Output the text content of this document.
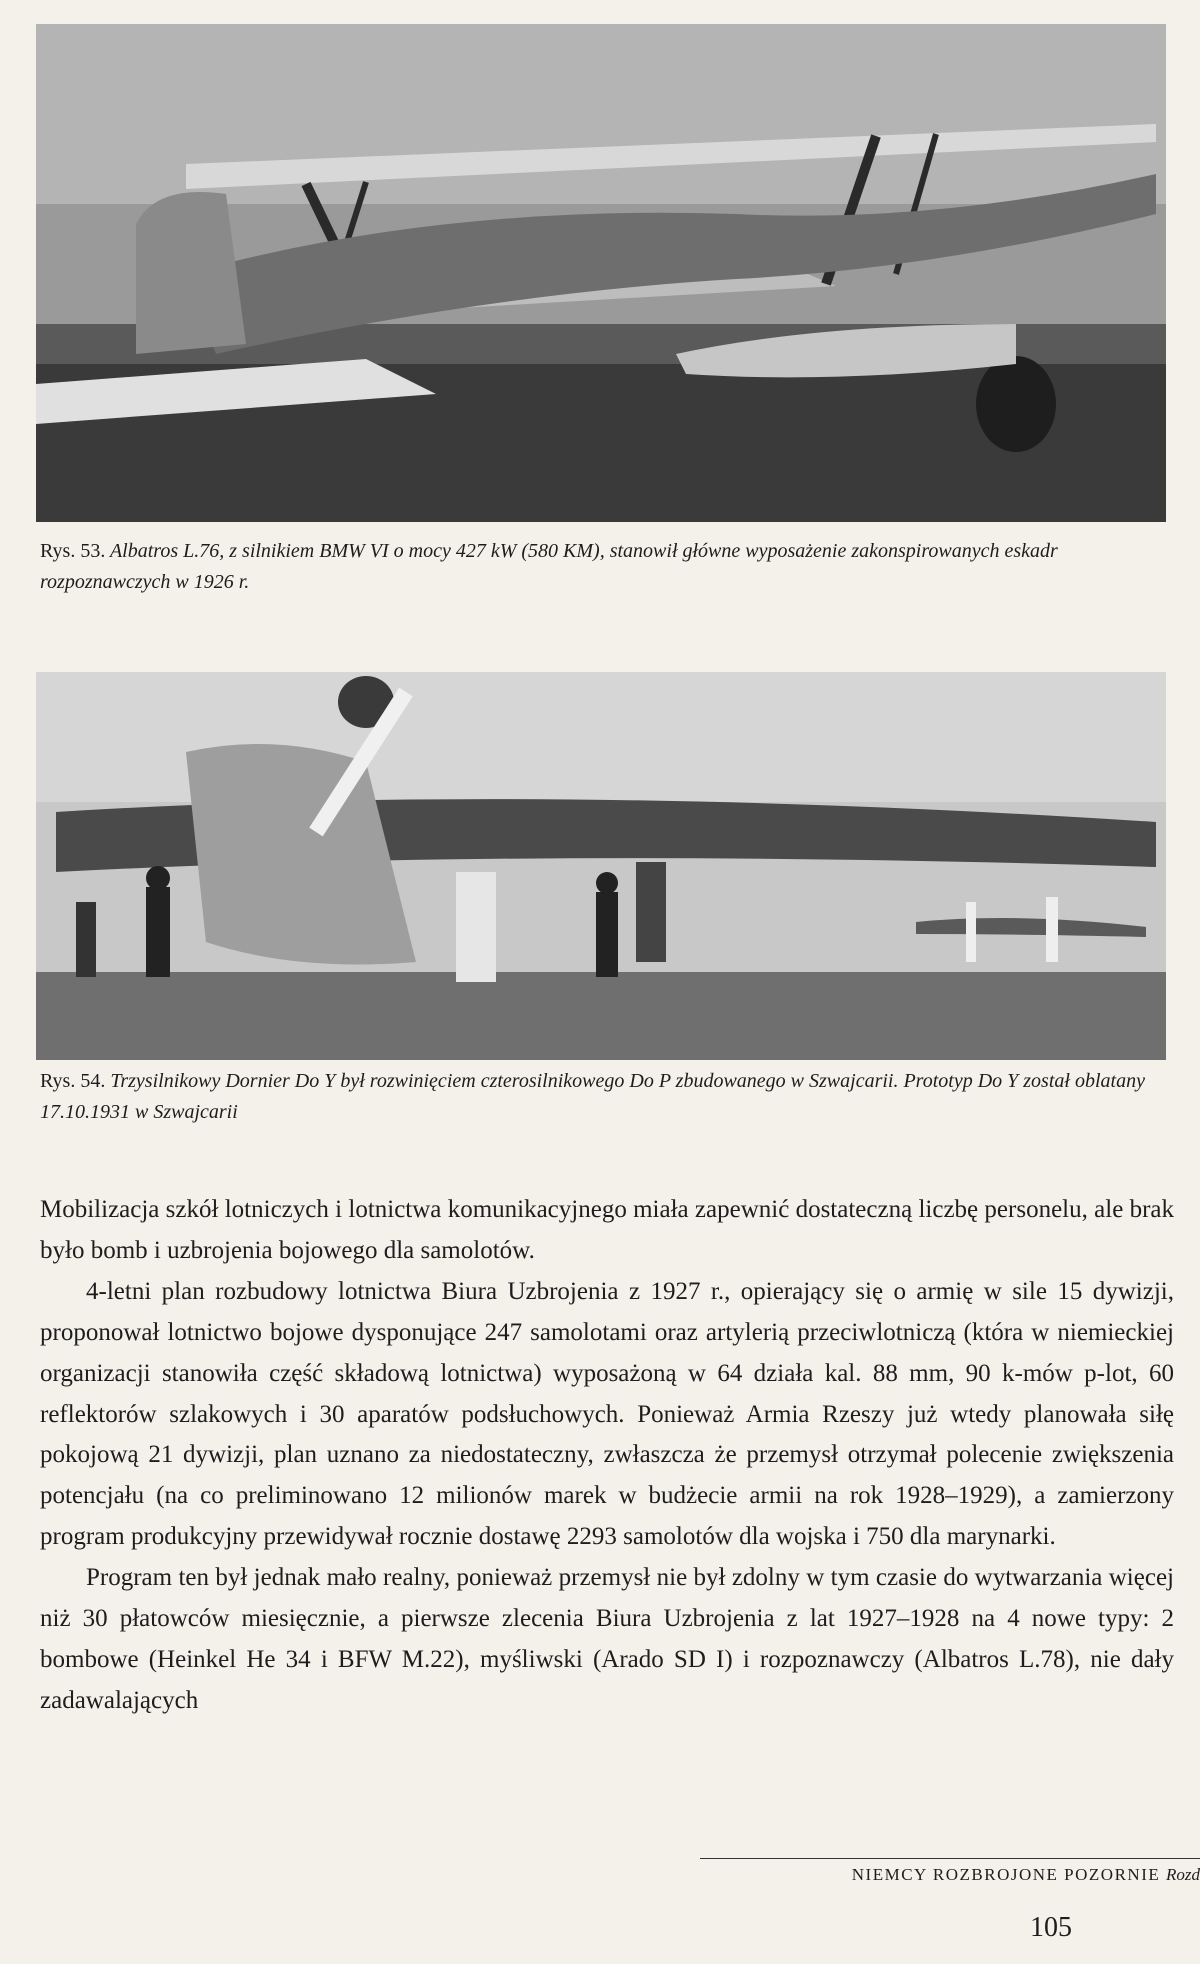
Rys. 53. Albatros L.76, z silnikiem BMW VI o mocy 427 kW (580 KM), stanowił główne wyposażenie zakonspirowanych eskadr rozpoznawczych w 1926 r.
Rys. 54. Trzysilnikowy Dornier Do Y był rozwinięciem czterosilnikowego Do P zbudowanego w Szwajcarii. Prototyp Do Y został oblatany 17.10.1931 w Szwajcarii

Mobilizacja szkół lotniczych i lotnictwa komunikacyjnego miała zapewnić dostateczną liczbę personelu, ale brak było bomb i uzbrojenia bojowego dla samolotów.

4-letni plan rozbudowy lotnictwa Biura Uzbrojenia z 1927 r., opierający się o armię w sile 15 dywizji, proponował lotnictwo bojowe dysponujące 247 samolotami oraz artylerią przeciwlotniczą (która w niemieckiej organizacji stanowiła część składową lotnictwa) wyposażoną w 64 działa kal. 88 mm, 90 k-mów p-lot, 60 reflektorów szlakowych i 30 aparatów podsłuchowych. Ponieważ Armia Rzeszy już wtedy planowała siłę pokojową 21 dywizji, plan uznano za niedostateczny, zwłaszcza że przemysł otrzymał polecenie zwiększenia potencjału (na co preliminowano 12 milionów marek w budżecie armii na rok 1928–1929), a zamierzony program produkcyjny przewidywał rocznie dostawę 2293 samolotów dla wojska i 750 dla marynarki.

Program ten był jednak mało realny, ponieważ przemysł nie był zdolny w tym czasie do wytwarzania więcej niż 30 płatowców miesięcznie, a pierwsze zlecenia Biura Uzbrojenia z lat 1927–1928 na 4 nowe typy: 2 bombowe (Heinkel He 34 i BFW M.22), myśliwski (Arado SD I) i rozpoznawczy (Albatros L.78), nie dały zadawalających

NIEMCY ROZBROJONE POZORNIE Rozd
105
